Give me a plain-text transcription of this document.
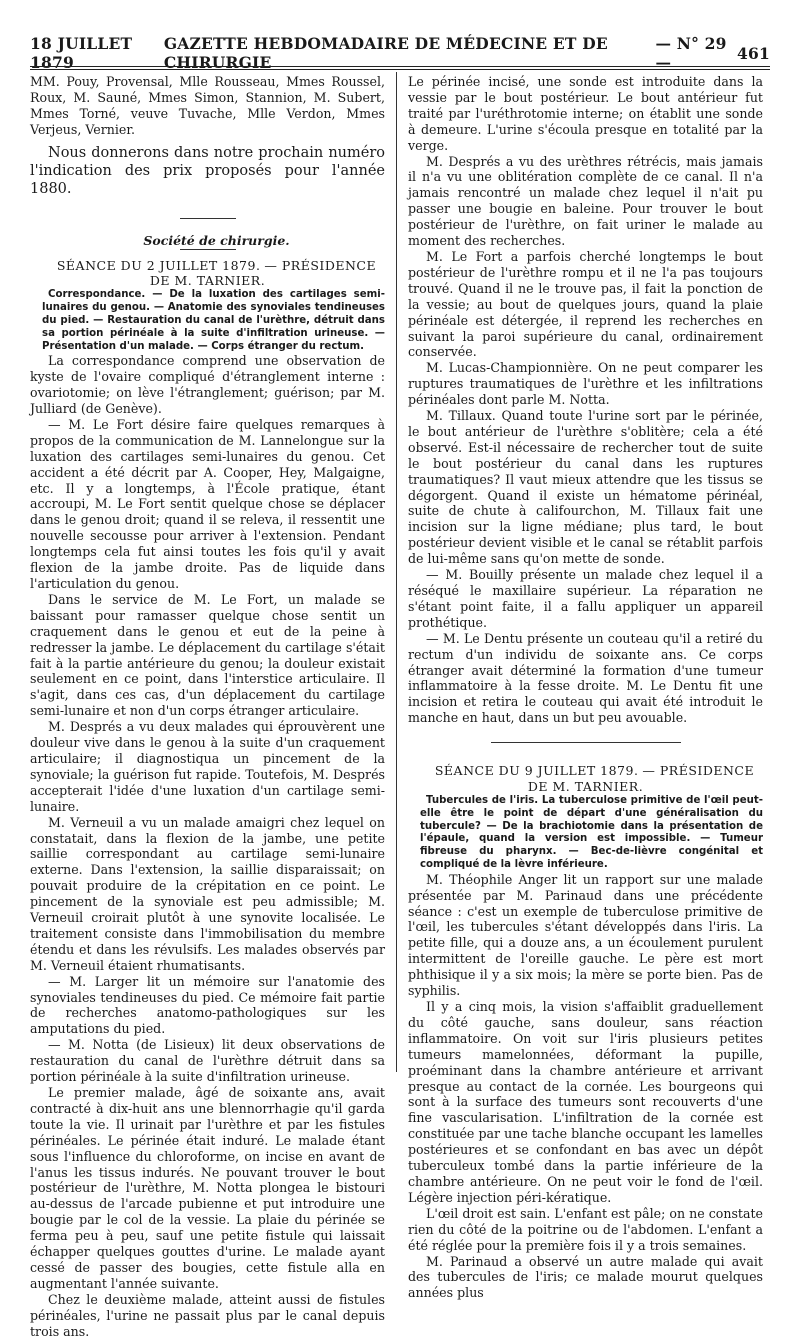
18 JUILLET 1879
GAZETTE HEBDOMADAIRE DE MÉDECINE ET DE CHIRURGIE
— N° 29 —	461

MM. Pouy, Provensal, Mlle Rousseau, Mmes Roussel, Roux, M. Sauné, Mmes Simon, Stannion, M. Subert, Mmes Torné, veuve Tuvache, Mlle Verdon, Mmes Verjeus, Vernier.

Nous donnerons dans notre prochain numéro l'indication des prix proposés pour l'année 1880.

Société de chirurgie.

SÉANCE DU 2 JUILLET 1879. — PRÉSIDENCE DE M. TARNIER.

Correspondance. — De la luxation des cartilages semi-lunaires du genou. — Anatomie des synoviales tendineuses du pied. — Restauration du canal de l'urèthre, détruit dans sa portion périnéale à la suite d'infiltration urineuse. — Présentation d'un malade. — Corps étranger du rectum.

La correspondance comprend une observation de kyste de l'ovaire compliqué d'étranglement interne : ovariotomie; on lève l'étranglement; guérison; par M. Julliard (de Genève).

— M. Le Fort désire faire quelques remarques à propos de la communication de M. Lannelongue sur la luxation des cartilages semi-lunaires du genou. Cet accident a été décrit par A. Cooper, Hey, Malgaigne, etc. Il y a longtemps, à l'École pratique, étant accroupi, M. Le Fort sentit quelque chose se déplacer dans le genou droit; quand il se releva, il ressentit une nouvelle secousse pour arriver à l'extension. Pendant longtemps cela fut ainsi toutes les fois qu'il y avait flexion de la jambe droite. Pas de liquide dans l'articulation du genou.

Dans le service de M. Le Fort, un malade se baissant pour ramasser quelque chose sentit un craquement dans le genou et eut de la peine à redresser la jambe. Le déplacement du cartilage s'était fait à la partie antérieure du genou; la douleur existait seulement en ce point, dans l'interstice articulaire. Il s'agit, dans ces cas, d'un déplacement du cartilage semi-lunaire et non d'un corps étranger articulaire.

M. Després a vu deux malades qui éprouvèrent une douleur vive dans le genou à la suite d'un craquement articulaire; il diagnostiqua un pincement de la synoviale; la guérison fut rapide. Toutefois, M. Després accepterait l'idée d'une luxation d'un cartilage semi-lunaire.

M. Verneuil a vu un malade amaigri chez lequel on constatait, dans la flexion de la jambe, une petite saillie correspondant au cartilage semi-lunaire externe. Dans l'extension, la saillie disparaissait; on pouvait produire de la crépitation en ce point. Le pincement de la synoviale est peu admissible; M. Verneuil croirait plutôt à une synovite localisée. Le traitement consiste dans l'immobilisation du membre étendu et dans les révulsifs. Les malades observés par M. Verneuil étaient rhumatisants.

— M. Larger lit un mémoire sur l'anatomie des synoviales tendineuses du pied. Ce mémoire fait partie de recherches anatomo-pathologiques sur les amputations du pied.

— M. Notta (de Lisieux) lit deux observations de restauration du canal de l'urèthre détruit dans sa portion périnéale à la suite d'infiltration urineuse.

Le premier malade, âgé de soixante ans, avait contracté à dix-huit ans une blennorrhagie qu'il garda toute la vie. Il urinait par l'urèthre et par les fistules périnéales. Le périnée était induré. Le malade étant sous l'influence du chloroforme, on incise en avant de l'anus les tissus indurés. Ne pouvant trouver le bout postérieur de l'urèthre, M. Notta plongea le bistouri au-dessus de l'arcade pubienne et put introduire une bougie par le col de la vessie. La plaie du périnée se ferma peu à peu, sauf une petite fistule qui laissait échapper quelques gouttes d'urine. Le malade ayant cessé de passer des bougies, cette fistule alla en augmentant l'année suivante.

Chez le deuxième malade, atteint aussi de fistules périnéales, l'urine ne passait plus par le canal depuis trois ans.

Le périnée incisé, une sonde est introduite dans la vessie par le bout postérieur. Le bout antérieur fut traité par l'uréthrotomie interne; on établit une sonde à demeure. L'urine s'écoula presque en totalité par la verge.

M. Després a vu des urèthres rétrécis, mais jamais il n'a vu une oblitération complète de ce canal. Il n'a jamais rencontré un malade chez lequel il n'ait pu passer une bougie en baleine. Pour trouver le bout postérieur de l'urèthre, on fait uriner le malade au moment des recherches.

M. Le Fort a parfois cherché longtemps le bout postérieur de l'urèthre rompu et il ne l'a pas toujours trouvé. Quand il ne le trouve pas, il fait la ponction de la vessie; au bout de quelques jours, quand la plaie périnéale est détergée, il reprend les recherches en suivant la paroi supérieure du canal, ordinairement conservée.

M. Lucas-Championnière. On ne peut comparer les ruptures traumatiques de l'urèthre et les infiltrations périnéales dont parle M. Notta.

M. Tillaux. Quand toute l'urine sort par le périnée, le bout antérieur de l'urèthre s'oblitère; cela a été observé. Est-il nécessaire de rechercher tout de suite le bout postérieur du canal dans les ruptures traumatiques? Il vaut mieux attendre que les tissus se dégorgent. Quand il existe un hématome périnéal, suite de chute à califourchon, M. Tillaux fait une incision sur la ligne médiane; plus tard, le bout postérieur devient visible et le canal se rétablit parfois de lui-même sans qu'on mette de sonde.

— M. Bouilly présente un malade chez lequel il a réséqué le maxillaire supérieur. La réparation ne s'étant point faite, il a fallu appliquer un appareil prothétique.

— M. Le Dentu présente un couteau qu'il a retiré du rectum d'un individu de soixante ans. Ce corps étranger avait déterminé la formation d'une tumeur inflammatoire à la fesse droite. M. Le Dentu fit une incision et retira le couteau qui avait été introduit le manche en haut, dans un but peu avouable.

SÉANCE DU 9 JUILLET 1879. — PRÉSIDENCE DE M. TARNIER.

Tubercules de l'iris. La tuberculose primitive de l'œil peut-elle être le point de départ d'une généralisation du tubercule? — De la brachiotomie dans la présentation de l'épaule, quand la version est impossible. — Tumeur fibreuse du pharynx. — Bec-de-lièvre congénital et compliqué de la lèvre inférieure.

M. Théophile Anger lit un rapport sur une malade présentée par M. Parinaud dans une précédente séance : c'est un exemple de tuberculose primitive de l'œil, les tubercules s'étant développés dans l'iris. La petite fille, qui a douze ans, a un écoulement purulent intermittent de l'oreille gauche. Le père est mort phthisique il y a six mois; la mère se porte bien. Pas de syphilis.

Il y a cinq mois, la vision s'affaiblit graduellement du côté gauche, sans douleur, sans réaction inflammatoire. On voit sur l'iris plusieurs petites tumeurs mamelonnées, déformant la pupille, proéminant dans la chambre antérieure et arrivant presque au contact de la cornée. Les bourgeons qui sont à la surface des tumeurs sont recouverts d'une fine vascularisation. L'infiltration de la cornée est constituée par une tache blanche occupant les lamelles postérieures et se confondant en bas avec un dépôt tuberculeux tombé dans la partie inférieure de la chambre antérieure. On ne peut voir le fond de l'œil. Légère injection péri-kératique.

L'œil droit est sain. L'enfant est pâle; on ne constate rien du côté de la poitrine ou de l'abdomen. L'enfant a été réglée pour la première fois il y a trois semaines.

M. Parinaud a observé un autre malade qui avait des tubercules de l'iris; ce malade mourut quelques années plus
